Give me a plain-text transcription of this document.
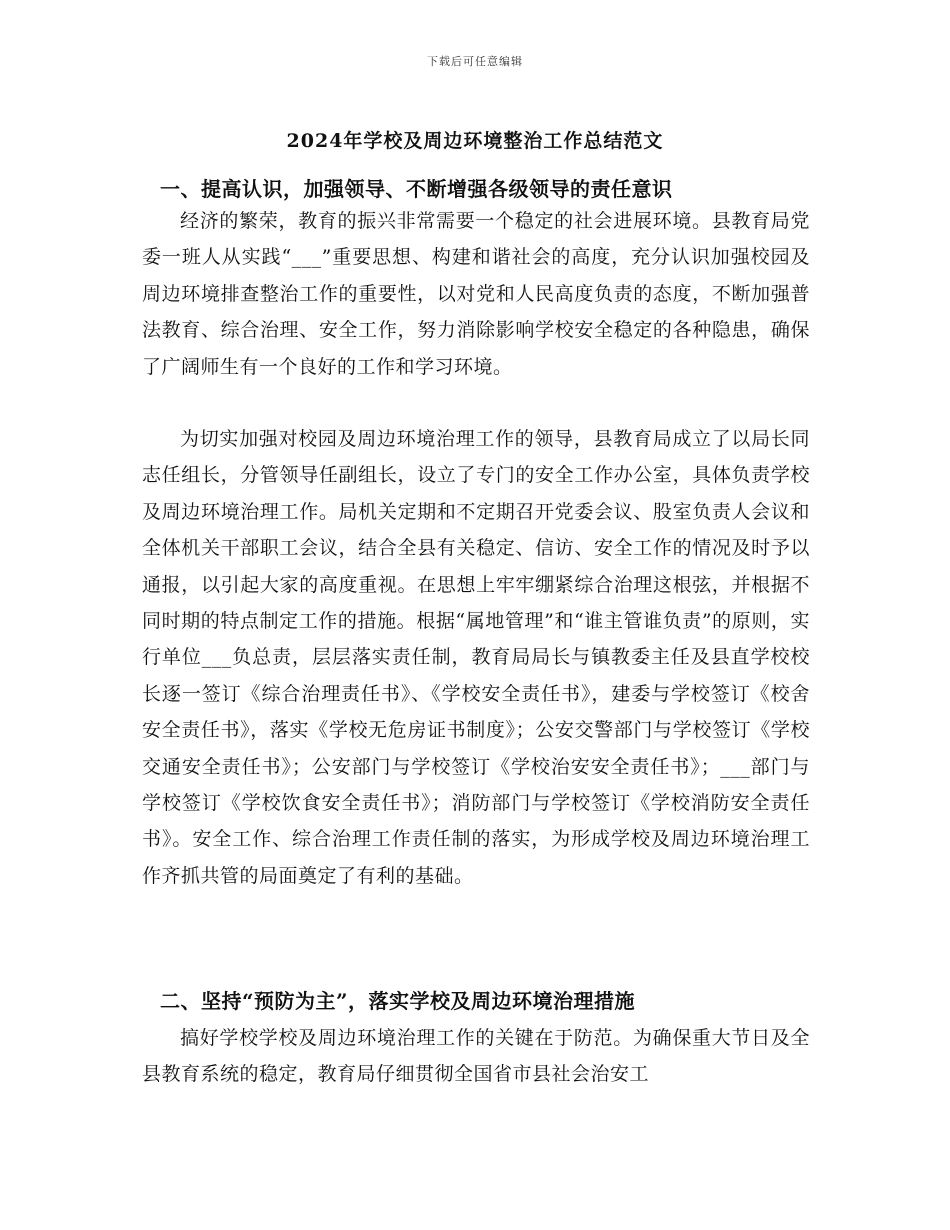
下载后可任意编辑
2024年学校及周边环境整治工作总结范文
一、提高认识，加强领导、不断增强各级领导的责任意识

经济的繁荣，教育的振兴非常需要一个稳定的社会进展环境。县教育局党委一班人从实践“___”重要思想、构建和谐社会的高度，充分认识加强校园及周边环境排查整治工作的重要性，以对党和人民高度负责的态度，不断加强普法教育、综合治理、安全工作，努力消除影响学校安全稳定的各种隐患，确保了广阔师生有一个良好的工作和学习环境。

为切实加强对校园及周边环境治理工作的领导，县教育局成立了以局长同志任组长，分管领导任副组长，设立了专门的安全工作办公室，具体负责学校及周边环境治理工作。局机关定期和不定期召开党委会议、股室负责人会议和全体机关干部职工会议，结合全县有关稳定、信访、安全工作的情况及时予以通报，以引起大家的高度重视。在思想上牢牢绷紧综合治理这根弦，并根据不同时期的特点制定工作的措施。根据“属地管理”和“谁主管谁负责”的原则，实行单位___负总责，层层落实责任制，教育局局长与镇教委主任及县直学校校长逐一签订《综合治理责任书》、《学校安全责任书》，建委与学校签订《校舍安全责任书》，落实《学校无危房证书制度》；公安交警部门与学校签订《学校交通安全责任书》；公安部门与学校签订《学校治安安全责任书》；___部门与学校签订《学校饮食安全责任书》；消防部门与学校签订《学校消防安全责任书》。安全工作、综合治理工作责任制的落实，为形成学校及周边环境治理工作齐抓共管的局面奠定了有利的基础。

二、坚持“预防为主”，落实学校及周边环境治理措施

搞好学校学校及周边环境治理工作的关键在于防范。为确保重大节日及全县教育系统的稳定，教育局仔细贯彻全国省市县社会治安工
